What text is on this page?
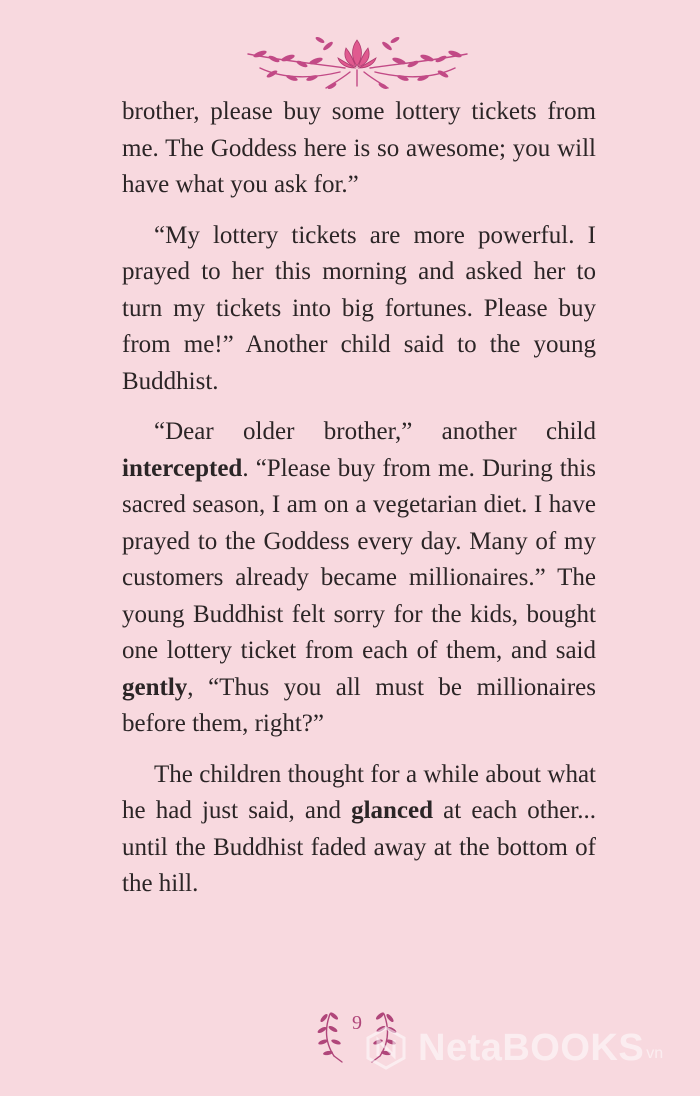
brother, please buy some lottery tickets from me. The Goddess here is so awesome; you will have what you ask for.”

“My lottery tickets are more powerful. I prayed to her this morning and asked her to turn my tickets into big fortunes. Please buy from me!” Another child said to the young Buddhist.

“Dear older brother,” another child intercepted. “Please buy from me. During this sacred season, I am on a vegetarian diet. I have prayed to the Goddess every day. Many of my customers already became millionaires.” The young Buddhist felt sorry for the kids, bought one lottery ticket from each of them, and said gently, “Thus you all must be millionaires before them, right?”

The children thought for a while about what he had just said, and glanced at each other... until the Buddhist faded away at the bottom of the hill.

9
NetaBOOKS vn
